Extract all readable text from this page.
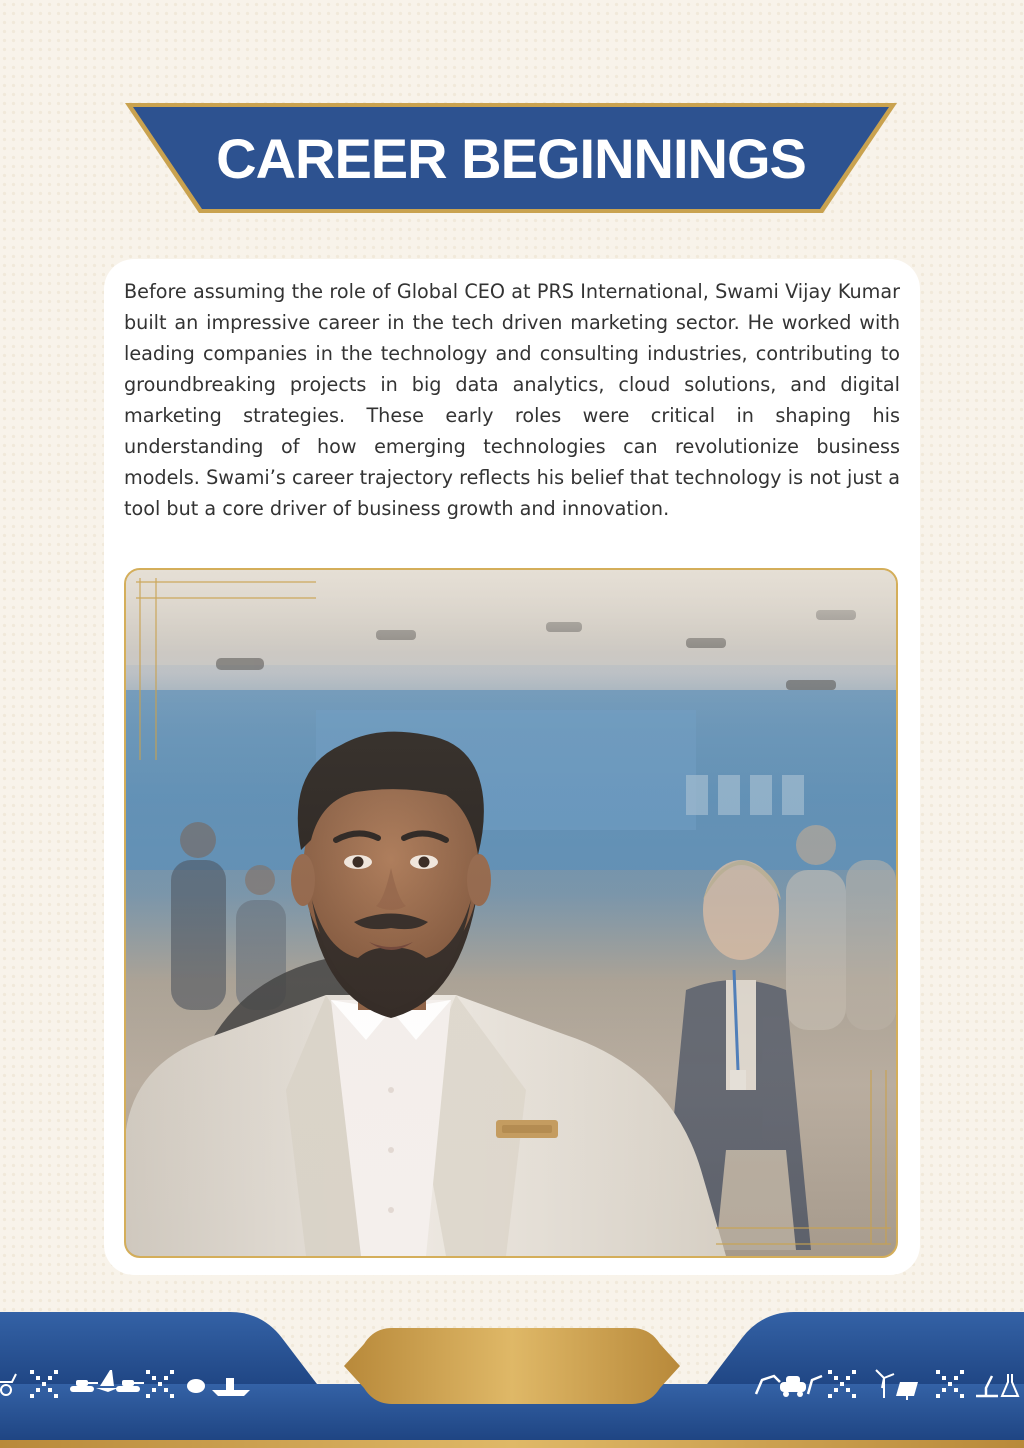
CAREER BEGINNINGS

Before assuming the role of Global CEO at PRS International, Swami Vijay Kumar built an impressive career in the tech driven marketing sector. He worked with leading companies in the technology and consulting industries, contributing to groundbreaking projects in big data analytics, cloud solutions, and digital marketing strategies. These early roles were critical in shaping his understanding of how emerging technologies can revolutionize business models. Swami’s career trajectory reflects his belief that technology is not just a tool but a core driver of business growth and innovation.
